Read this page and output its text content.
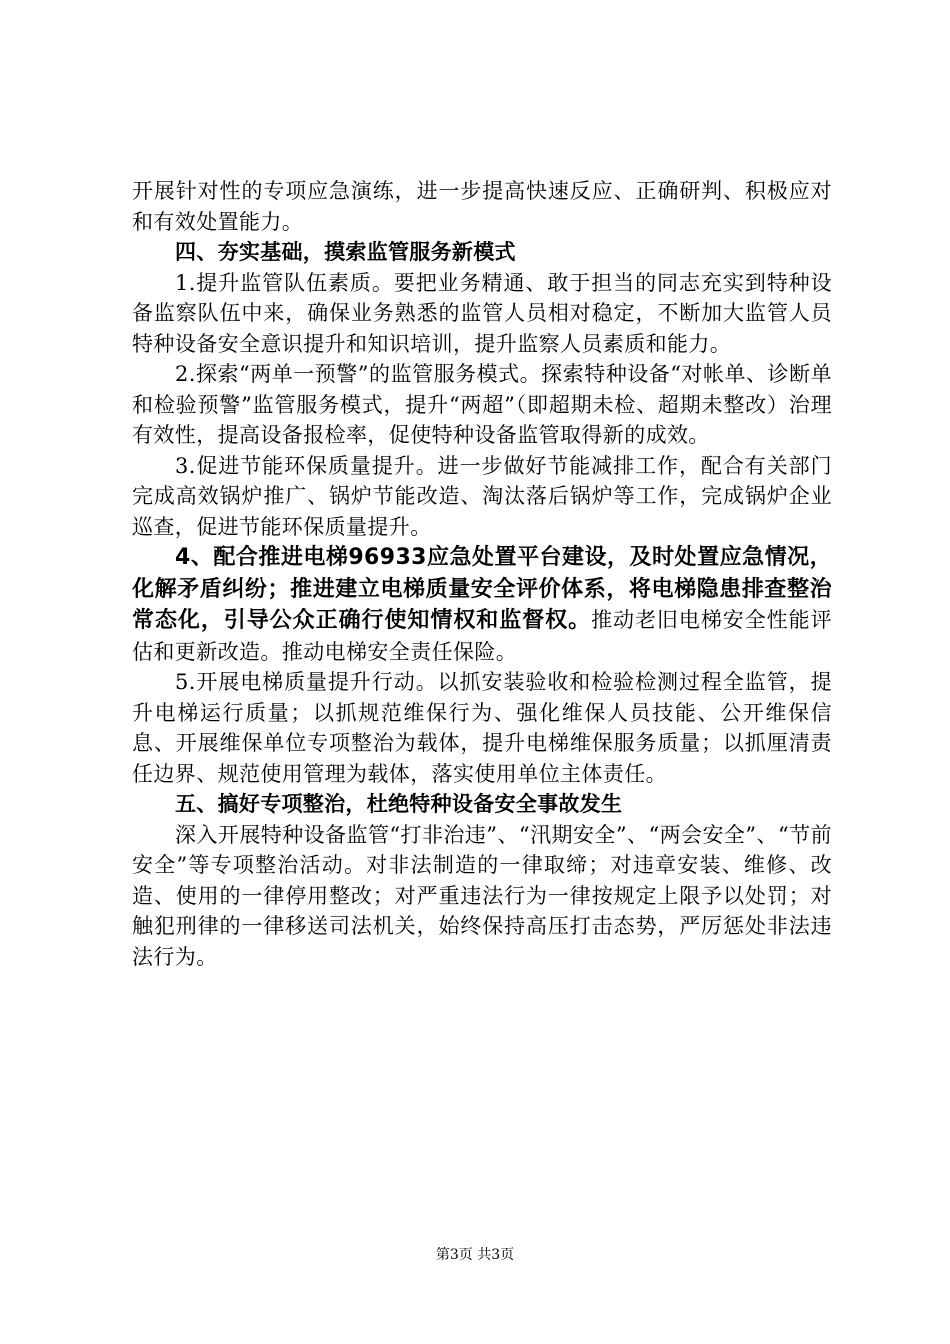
开展针对性的专项应急演练，进一步提高快速反应、正确研判、积极应对和有效处置能力。

四、夯实基础，摸索监管服务新模式

1.提升监管队伍素质。要把业务精通、敢于担当的同志充实到特种设备监察队伍中来，确保业务熟悉的监管人员相对稳定，不断加大监管人员特种设备安全意识提升和知识培训，提升监察人员素质和能力。

2.探索“两单一预警”的监管服务模式。探索特种设备“对帐单、诊断单和检验预警”监管服务模式，提升“两超”（即超期未检、超期未整改）治理有效性，提高设备报检率，促使特种设备监管取得新的成效。

3.促进节能环保质量提升。进一步做好节能减排工作，配合有关部门完成高效锅炉推广、锅炉节能改造、淘汰落后锅炉等工作，完成锅炉企业巡查，促进节能环保质量提升。

4、配合推进电梯96933应急处置平台建设，及时处置应急情况，化解矛盾纠纷；推进建立电梯质量安全评价体系，将电梯隐患排查整治常态化，引导公众正确行使知情权和监督权。推动老旧电梯安全性能评估和更新改造。推动电梯安全责任保险。

5.开展电梯质量提升行动。以抓安装验收和检验检测过程全监管，提升电梯运行质量；以抓规范维保行为、强化维保人员技能、公开维保信息、开展维保单位专项整治为载体，提升电梯维保服务质量；以抓厘清责任边界、规范使用管理为载体，落实使用单位主体责任。

五、搞好专项整治，杜绝特种设备安全事故发生

深入开展特种设备监管“打非治违”、“汛期安全”、“两会安全”、“节前安全”等专项整治活动。对非法制造的一律取缔；对违章安装、维修、改造、使用的一律停用整改；对严重违法行为一律按规定上限予以处罚；对触犯刑律的一律移送司法机关，始终保持高压打击态势，严厉惩处非法违法行为。

第3页 共3页
